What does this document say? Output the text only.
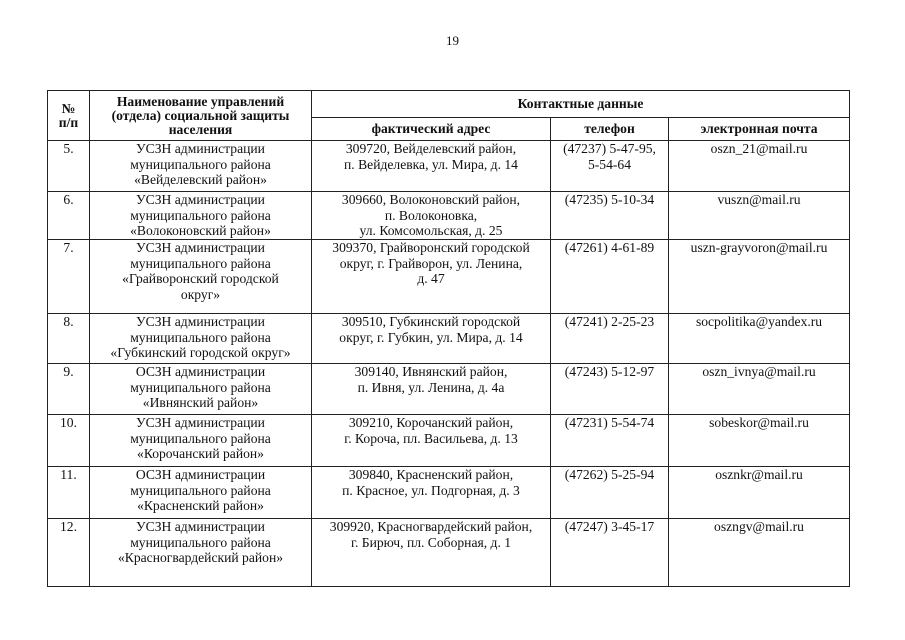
19
№
п/п	Наименование управлений
(отдела) социальной защиты
населения	Контактные данные		
		фактический адрес	телефон	электронная почта
5.	УСЗН администрации
муниципального района
«Вейделевский район»	309720, Вейделевский район,
п. Вейделевка, ул. Мира, д. 14	(47237) 5-47-95,
5-54-64	oszn_21@mail.ru
6.	УСЗН администрации
муниципального района
«Волоконовский район»	309660, Волоконовский район,
п. Волоконовка,
ул. Комсомольская, д. 25	(47235) 5-10-34	vuszn@mail.ru
7.	УСЗН администрации
муниципального района
«Грайворонский городской
округ»	309370, Грайворонский городской
округ, г. Грайворон, ул. Ленина,
д. 47	(47261) 4-61-89	uszn-grayvoron@mail.ru
8.	УСЗН администрации
муниципального района
«Губкинский городской округ»	309510, Губкинский городской
округ, г. Губкин, ул. Мира, д. 14	(47241) 2-25-23	socpolitika@yandex.ru
9.	ОСЗН администрации
муниципального района
«Ивнянский район»	309140, Ивнянский район,
п. Ивня, ул. Ленина, д. 4а	(47243) 5-12-97	oszn_ivnya@mail.ru
10.	УСЗН администрации
муниципального района
«Корочанский район»	309210, Корочанский район,
г. Короча, пл. Васильева, д. 13	(47231) 5-54-74	sobeskor@mail.ru
11.	ОСЗН администрации
муниципального района
«Красненский район»	309840, Красненский район,
п. Красное, ул. Подгорная, д. 3	(47262) 5-25-94	osznkr@mail.ru
12.	УСЗН администрации
муниципального района
«Красногвардейский район»	309920, Красногвардейский район,
г. Бирюч, пл. Соборная, д. 1	(47247) 3-45-17	oszngv@mail.ru
